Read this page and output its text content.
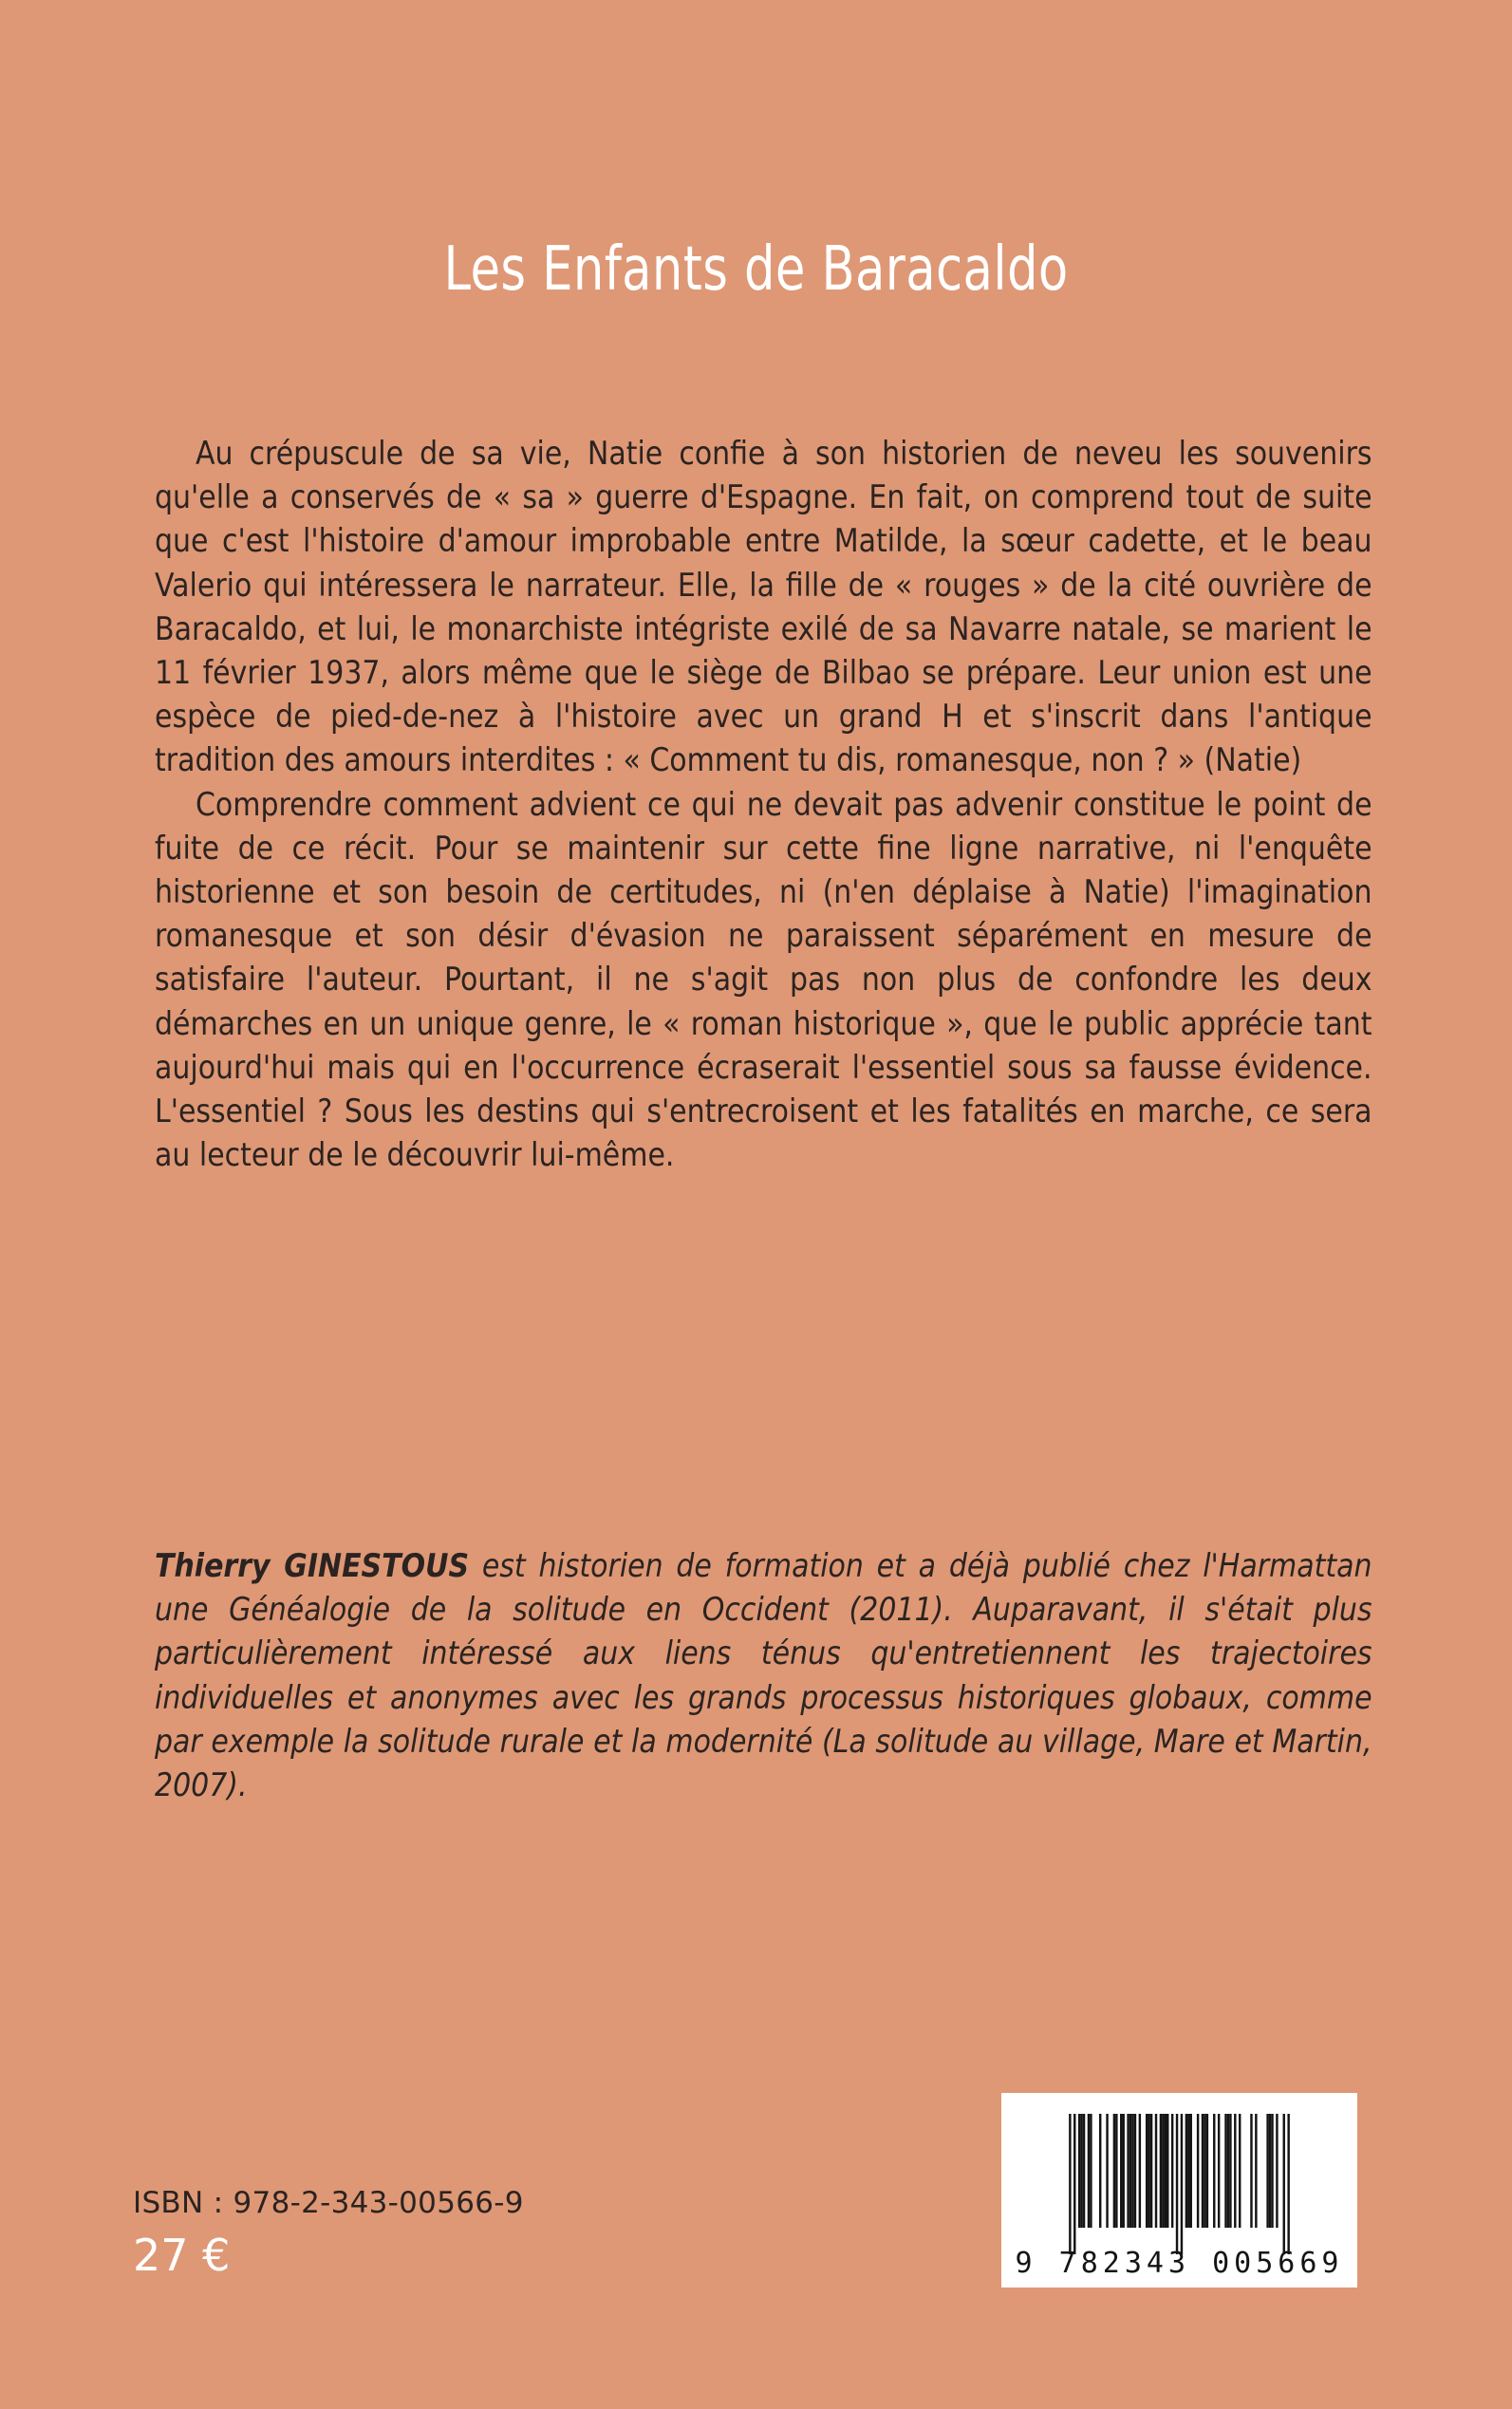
Les Enfants de Baracaldo

Au crépuscule de sa vie, Natie confie à son historien de neveu les souvenirs qu'elle a conservés de « sa » guerre d'Espagne. En fait, on comprend tout de suite que c'est l'histoire d'amour improbable entre Matilde, la sœur cadette, et le beau Valerio qui intéressera le narrateur. Elle, la fille de « rouges » de la cité ouvrière de Baracaldo, et lui, le monarchiste intégriste exilé de sa Navarre natale, se marient le 11 février 1937, alors même que le siège de Bilbao se prépare. Leur union est une espèce de pied-de-nez à l'histoire avec un grand H et s'inscrit dans l'antique tradition des amours interdites : « Comment tu dis, romanesque, non ? » (Natie)

Comprendre comment advient ce qui ne devait pas advenir constitue le point de fuite de ce récit. Pour se maintenir sur cette fine ligne narrative, ni l'enquête historienne et son besoin de certitudes, ni (n'en déplaise à Natie) l'imagination romanesque et son désir d'évasion ne paraissent séparément en mesure de satisfaire l'auteur. Pourtant, il ne s'agit pas non plus de confondre les deux démarches en un unique genre, le « roman historique », que le public apprécie tant aujourd'hui mais qui en l'occurrence écraserait l'essentiel sous sa fausse évidence. L'essentiel ? Sous les destins qui s'entrecroisent et les fatalités en marche, ce sera au lecteur de le découvrir lui-même.

Thierry GINESTOUS est historien de formation et a déjà publié chez l'Harmattan une Généalogie de la solitude en Occident (2011). Auparavant, il s'était plus particulièrement intéressé aux liens ténus qu'entretiennent les trajectoires individuelles et anonymes avec les grands processus historiques globaux, comme par exemple la solitude rurale et la modernité (La solitude au village, Mare et Martin, 2007).

ISBN : 978-2-343-00566-9
27 €	9 782343 005669
